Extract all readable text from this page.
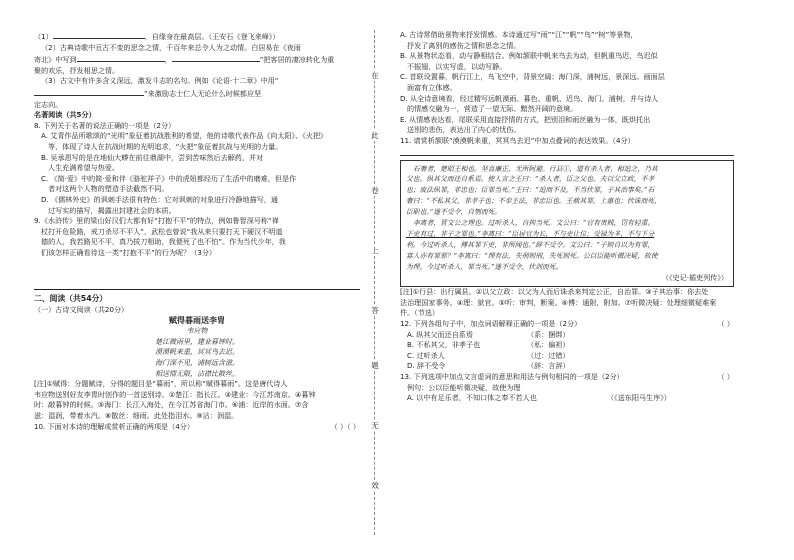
（1）	，自缘身在最高层。（王安石《登飞来峰》）
（2）古典诗歌中亘古不变的思念之情，千百年来总令人为之动情。白居易在《夜雨
寄北》中写到	，	”把客居的凄凉转化为重
聚的欢乐，抒发相思之情。
（3）古文中有许多含义深远，激发斗志的名句。例如《论语·十二章》中用“
”来激励志士仁人无论什么时候都应坚
定志向。
名著阅读（共5分）
8. 下列关于名著的说法正确的一项是（2分）
A. 艾青作品所歌颂的“光明”象征着抗战胜利的希望，他的诗歌代表作品《向太阳》、《火把》
等，体现了诗人在抗战时期的光明追求，“火把”象征着抗战与光明的力量。
B. 吴承恩写的是在地仙大蟒在前往鼎湖中，尝到苦味然后去解药，并对
人生充满希望与热爱。
C. 《简·爱》中的简·爱和伴《骆驼祥子》中的虎妞都经历了生活中的磨难，但是作
者对这两个人物的塑造手法截然不同。
D. 《儒林外史》的讽刺手法很有特色：它对讽刺的对象进行冷静地描写，通
过写实的描写，揭露出封建社会的本质。
9.《水浒传》里的梁山好汉们大都有好“打抱不平”的特点，例如鲁智深号称“禅
杖打开危险路，戒刀杀尽不平人”，武松也曾说“我从来只要打天下硬汉不明道
德的人，我若路见不平，真乃拔刀相助，我便死了也不怕”。作为当代少年，我
们该怎样正确看待这一类“打抱不平”的行为呢？（3分）
二、阅读（共54分）
（一）古诗文阅读（共20分）
赋得暮雨送李胄
韦应物
楚江微雨里，建业暮钟时。
漠漠帆来重，冥冥鸟去迟。
海门深不见，浦树远含滋。
相送情无限，沾襟比散丝。
[注]①赋得：分题赋诗，分得的题目是“暮雨”，所以称“赋得暮雨”。这是唐代诗人
韦应物送别好友李胄时创作的一首送别诗。②楚江：指长江。③建业：今江苏南京。④暮钟
时：敲暮钟的时候。⑤海门：长江入海处，在今江苏省海门市。⑥浦：近岸的水面。⑦含
滋：湿润，带着水汽。⑧散丝：细雨。此处指泪水。⑨沾：润湿。
10. 下面对本诗的理解或赏析正确的两项是（4分）	（ ）（ ）
在
此
卷
上
答
题
无
效
A. 古诗常借助景物来抒发情感。本诗通过写“雨”“江”“帆”“鸟”“树”等景物，
抒发了离别的感伤之情和思念之情。
B. 从景物状态看，动与静相结合。例如颔联中帆来鸟去为动，但帆重鸟迟，鸟迟似
不振翅，以实写虚，以动写静。
C. 首联设置暮，帆行江上，鸟飞空中，背景空阔；海门深，浦树远，景深远。画面层
面富有立体感。
D. 从全诗意境看，经过精写远帆漠雨、暮色、重帆、迟鸟、海门、浦树，并与诗人
的情感交融为一，营造了一望无际、黯然开阔的意境。
E. 从情感表达看，尾联采用直接抒情的方式，把别泪和雨丝融为一体，既烘托出
送别的悲伤，表达出了内心的忧伤。
11. 请赏析颔联“漠漠帆来重，冥冥鸟去迟”中加点叠词的表达效果。（4分）
石奢者，楚昭王相也。坚直廉正，无所阿避。行县①，道有杀人者，相追之，乃其
父也。纵其父而还自系焉。使人言之王曰：“杀人者，臣之父也。夫以父立政，不孝
也；废法纵罪，非忠也；臣罪当死。”王曰：“追而不及，不当伏罪，子其治事矣。”石
奢曰：“不私其父，非孝子也；不奉主法，非忠臣也。王赦其罪，上惠也；伏诛而死，
臣职也。”遂不受令，自刎而死。
李离者，晋文公之理也。过听杀人，自拘当死。文公曰：“官有贵贱，罚有轻重。
下吏有过，非子之罪也。”李离曰：“臣居官为长，不与吏让位；受禄为多，不与下分
利。今过听杀人，傅其罪下吏，非所闻也。”辞不受令。文公曰：“子则自以为有罪，
寡人亦有罪邪？”李离曰：“理有法，失刑则刑，失死则死。公以臣能听微决疑，故使
为理。今过听杀人，罪当死。”遂不受令，伏剑而死。
（《史记·循吏列传》）
[注]①行县：出行属县。②以父立政：以父为人而后诛杀来判定公正，自治罪。③子其治事：你去处
法治理国家事务。④理：狱官。⑤听：审判，断案。⑥傅：通附，附加。⑦听微决疑：处理细微疑难案
件。（节选）
12. 下列各组句子中，加点词语解释正确的一项是（2分）	（ ）
A. 纵其父而还自系焉	（系：捆绑）
B. 不私其父，非孝子也	（私：偏袒）
C. 过听杀人	（过：过错）
D. 辞不受令	（辞：言辞）
13. 下列选项中加点文言虚词的意思和用法与例句相同的一项是（2分）	（ ）
例句：公以臣能听微决疑，故使为理
A. 以中有足乐者，不知口体之奉不若人也	（《送东阳马生序》）
